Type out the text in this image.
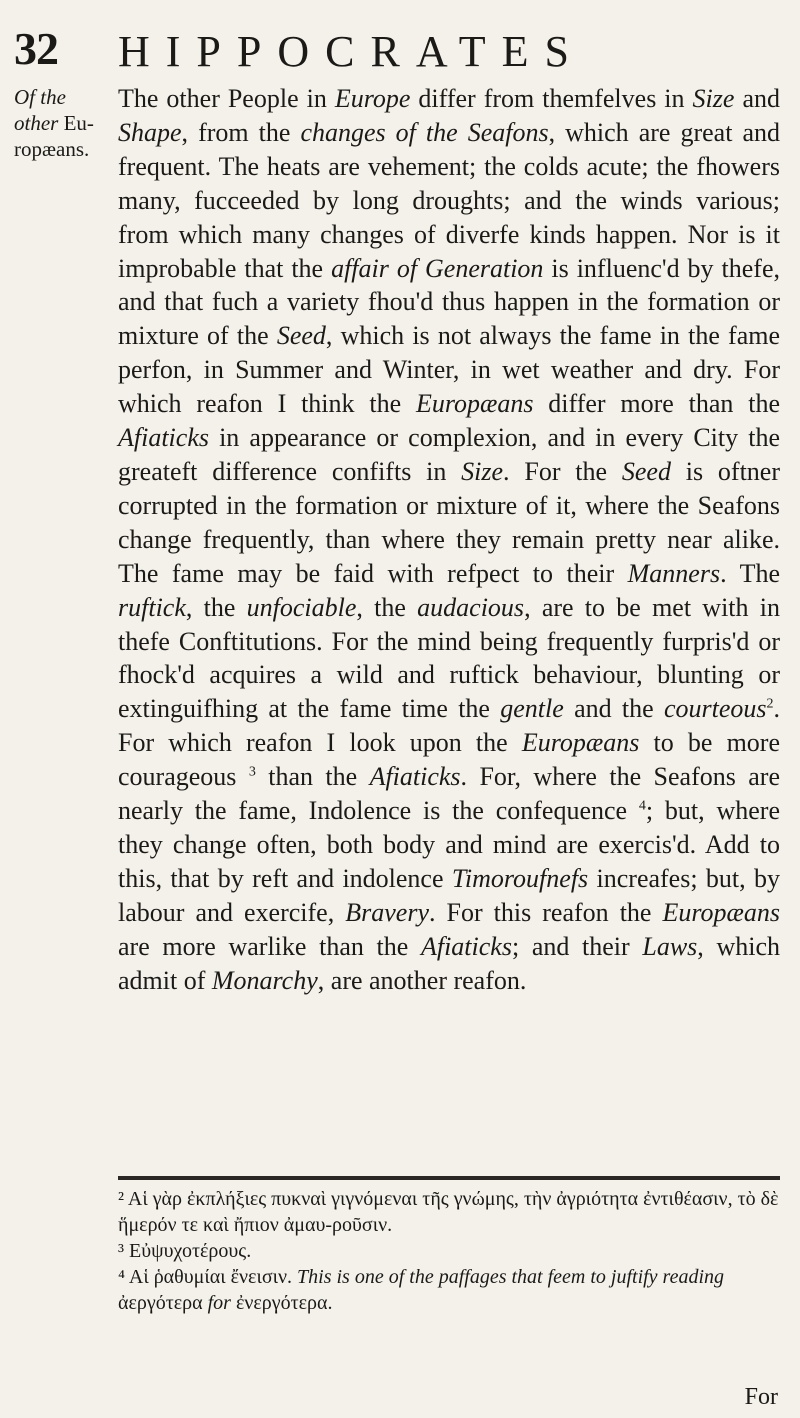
32 HIPPOCRATES
Of the
other Eu-
ropæans.

The other People in Europe differ from themfelves in Size and Shape, from the changes of the Seafons, which are great and frequent. The heats are vehement; the colds acute; the fhowers many, fucceeded by long droughts; and the winds various; from which many changes of diverfe kinds happen. Nor is it improbable that the affair of Generation is influenc'd by thefe, and that fuch a variety fhou'd thus happen in the formation or mixture of the Seed, which is not always the fame in the fame perfon, in Summer and Winter, in wet weather and dry. For which reafon I think the Europæans differ more than the Afiaticks in appearance or complexion, and in every City the greateft difference confifts in Size. For the Seed is oftner corrupted in the formation or mixture of it, where the Seafons change frequently, than where they remain pretty near alike. The fame may be faid with refpect to their Manners. The ruftick, the unfociable, the audacious, are to be met with in thefe Conftitutions. For the mind being frequently furpris'd or fhock'd acquires a wild and ruftick behaviour, blunting or extinguifhing at the fame time the gentle and the courteous$^2$. For which reafon I look upon the Europæans to be more courageous $^3$ than the Afiaticks. For, where the Seafons are nearly the fame, Indolence is the confequence $^4$; but, where they change often, both body and mind are exercis'd. Add to this, that by reft and indolence Timoroufnefs increafes; but, by labour and exercife, Bravery. For this reafon the Europæans are more warlike than the Afiaticks; and their Laws, which admit of Monarchy, are another reafon.

² Αἱ γὰρ ἐκπλήξιες πυκναὶ γιγνόμεναι τῆς γνώμης, τὴν ἀγριότητα ἐντιθέασιν, τὸ δὲ ἥμερόν τε καὶ ἤπιον ἀμαυ-ροῦσιν.

³ Εὐψυχοτέρους.

⁴ Αἱ ῥαθυμίαι ἔνεισιν. This is one of the paffages that feem to juftify reading ἀεργότερα for ἐνεργότερα.

For
